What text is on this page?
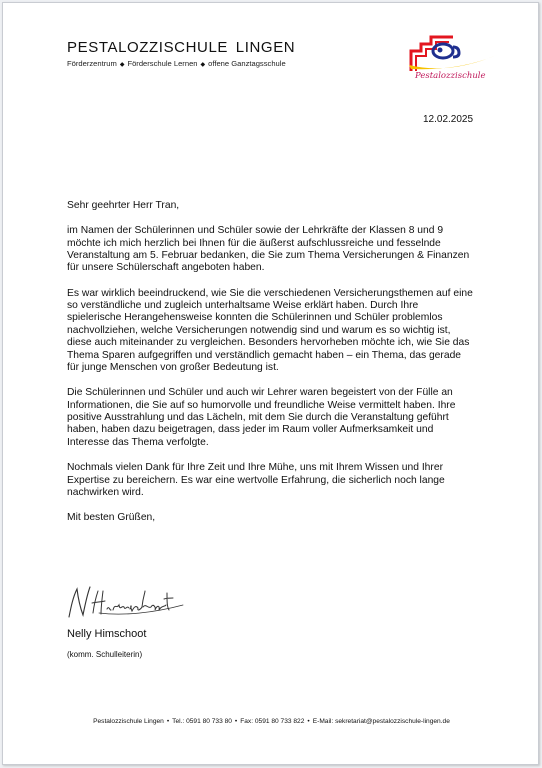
PESTALOZZISCHULE LINGEN
Förderzentrum ◆ Förderschule Lernen ◆ offene Ganztagsschule
Pestalozzischule
12.02.2025

Sehr geehrter Herr Tran,

im Namen der Schülerinnen und Schüler sowie der Lehrkräfte der Klassen 8 und 9 möchte ich mich herzlich bei Ihnen für die äußerst aufschlussreiche und fesselnde Veranstaltung am 5. Februar bedanken, die Sie zum Thema Versicherungen & Finanzen für unsere Schülerschaft angeboten haben.

Es war wirklich beeindruckend, wie Sie die verschiedenen Versicherungsthemen auf eine so verständliche und zugleich unterhaltsame Weise erklärt haben. Durch Ihre spielerische Herangehensweise konnten die Schülerinnen und Schüler problemlos nachvollziehen, welche Versicherungen notwendig sind und warum es so wichtig ist, diese auch miteinander zu vergleichen. Besonders hervorheben möchte ich, wie Sie das Thema Sparen aufgegriffen und verständlich gemacht haben – ein Thema, das gerade für junge Menschen von großer Bedeutung ist.

Die Schülerinnen und Schüler und auch wir Lehrer waren begeistert von der Fülle an Informationen, die Sie auf so humorvolle und freundliche Weise vermittelt haben. Ihre positive Ausstrahlung und das Lächeln, mit dem Sie durch die Veranstaltung geführt haben, haben dazu beigetragen, dass jeder im Raum voller Aufmerksamkeit und Interesse das Thema verfolgte.

Nochmals vielen Dank für Ihre Zeit und Ihre Mühe, uns mit Ihrem Wissen und Ihrer Expertise zu bereichern. Es war eine wertvolle Erfahrung, die sicherlich noch lange nachwirken wird.

Mit besten Grüßen,

Nelly Himschoot
(komm. Schulleiterin)
Pestalozzischule Lingen • Tel.: 0591 80 733 80 • Fax: 0591 80 733 822 • E-Mail: sekretariat@pestalozzischule-lingen.de
